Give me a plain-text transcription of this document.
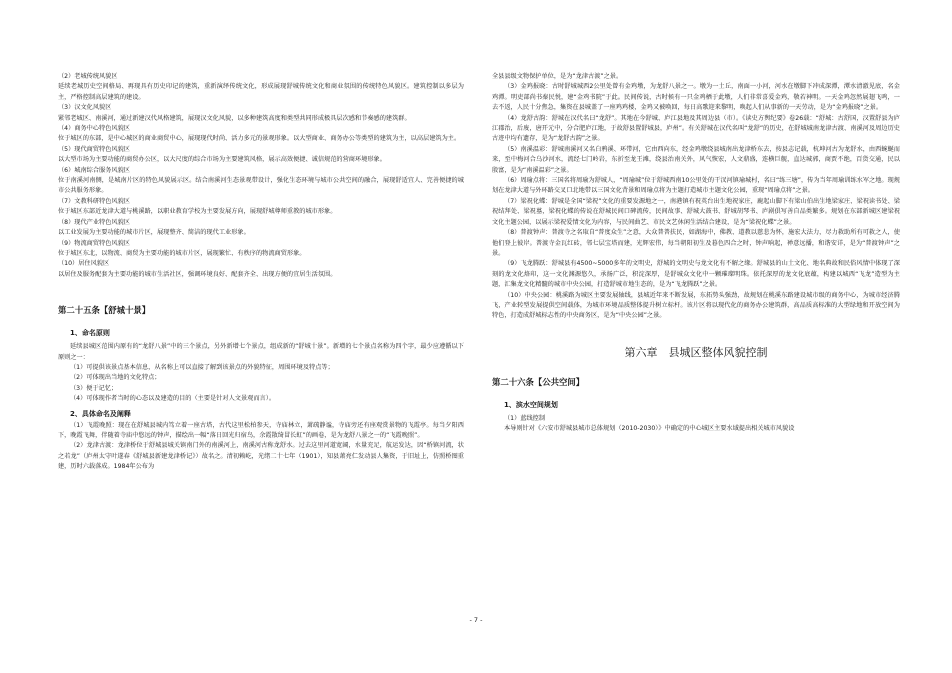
（2）老城传统风貌区

延续老城历史空间格局、再现具有历史印记的建筑，重新演绎传统文化，形成展现舒城传统文化和商业氛围的传统特色风貌区。建筑控制以多层为主，严格控制高层建筑的建设。

（3）汉文化风貌区

紧邻老城区、南溪河，通过新建汉代风格建筑，展现汉文化风貌，以多种建筑高度和类型共同形成极具层次感和节奏感的建筑群。

（4）商务中心特色风貌区

位于城区的东部，是中心城区的商业商贸中心，展现现代时尚、活力多元的景观形象。以大型商业、商务办公等类型的建筑为主，以高层建筑为主。

（5）现代商贸特色风貌区

以大型市场为主要功能的商贸办公区，以大尺度的综合市场为主要建筑风格，展示高效便捷、诚信规范的营商环境形象。

（6）城南综合服务风貌区

位于南溪河南侧，是城南片区的特色风貌展示区。结合南溪河生态景观带设计，强化生态环境与城市公共空间的融合，展现舒适宜人、完善便捷的城市公共服务形象。

（7）文教科研特色风貌区

位于城区东部近龙津大道与桃溪路，以职业教育学校为主要发展方向，展现舒城尊师重教的城市形象。

（8）现代产业特色风貌区

以工业发展为主要功能的城市片区，展现整齐、简洁的现代工业形象。

（9）物流商贸特色风貌区

位于城区东北，以物流、商贸为主要功能的城市片区，展现繁忙、有秩序的物流商贸形象。

（10）居住风貌区

以居住及服务配套为主要功能的城市生活社区，强调环境良好、配套齐全、出现方便的宜居生活氛围。

第二十五条【舒城十景】

1、命名原则

延续县城区范围内原有的“龙舒八景”中的三个景点，另外新增七个景点，组成新的“舒城十景”。新增的七个景点名称为四个字，最少应遵循以下原则之一：

（1）可提供该景点基本信息，从名称上可以直接了解到该景点的外貌特征，周围环境及特点等；

（2）可体现出当地的文化特点；

（3）便于记忆；

（4）可体现作者当时的心态以及建造的目的（主要是针对人文景观而言）。

2、具体命名及阐释

（1）飞霞晚照：现在在舒城县城内笃立着一座古塔，古代这里松柏参天，寺庙林立，萧疏静谧，寺庙旁还有座观赏景物的飞霞亭。每当夕阳西下，晚霞飞舞，伴随着寺庙中悠远的钟声，描绘出一幅“落日回光归宿鸟，余霞散绮冒长虹”的画卷，是为龙舒八景之一的“飞霞晚照”。

（2）龙津古渡：龙津桥位于舒城县城关镇南门外的南溪河上，南溪河古称龙舒水。过去这里河道宽阔，水量充足，航运发达，因“桥镇河流，状之若龙”（庐州太守叶遂春《舒城县新建龙津桥记》）故名之。清初赖屹，光绪二十七年（1901），知县萧亮仁发动县人集资，于旧址上，仿照桥图重建，历时六载落成。1984年公布为

全县县级文物保护单位，是为“龙津古渡”之景。

（3）金鸡报晓：古时舒城城西2公里处曾有金鸡墩，为龙舒八景之一。墩为一土丘，南面一小河，河水在墩脚下冲成深潭，潭水清澈见底，名金鸡潭。明吏部尚书秦民悦，建“金鸡书院”于此。民间传说，古时候有一只金鸡栖于此墩，人们非常喜爱金鸡，敬若神明。一天金鸡忽然展翅飞鸣，一去不返，人民十分焦急，集资在县城盖了一座鸡鸡楼，金鸡又被唤回，每日高歌迎来黎明，唤起人们从事新的一天劳动，是为“金鸡报晓”之景。

（4）龙舒古韵：舒城在汉代名曰“龙舒”。其地在今舒城、庐江县地及其周边县（市）。《读史方舆纪要》卷26载：“舒城：古舒国，汉置舒县为庐江郡治，后废，唐开元中，分合肥庐江地，于故舒县置舒城县，庐州”。有关舒城在汉代名叫“龙舒”的历史，在舒城城南龙津古渡、南溪河及周边历史古迹中均有遗存，是为“龙舒古韵”之景。

（5）南溪温彩：舒城南溪河又名白鸦溪、环带河，它由西向东，经金鸡墩绕县城南出龙津桥东去，按县志记载，杭坤河古为龙舒水，由西蜿蜒而来，至中梅河合乌沙河水，流经七门岭岩，东折至龙王滩，绕县治南关外，风气恢宏，人文鼎盛，连横巨舰，直达城郭，商贾不绝，百货交通，民以殷富，是为“南溪温彩”之景。

（6）周瑜点将：三国名将周瑜为舒城人，“周瑜城”位于舒城西南10公里处的干汊河镇瑜城村，名曰“练三塘”，传为当年周瑜训练水军之地。现规划在龙津大道与外环路交叉口北地带以三国文化背景和周瑜点将为主题打造城市主题文化公园，重现“周瑜点将”之景。

（7）梁祝化蝶：舒城是全国“梁祝”文化的重要发源地之一，南港镇有祝英台出生地祝家庄，鹿起山脚下有梁山伯出生地梁家庄、梁祝读书处、梁祝结拜处、梁祝墓，梁祝化蝶的传说在舒城民间口碑流传，民间故事、舒城大鼓书、舒城胡琴书、庐剧俱写善自品类繁多。规划在东部新城区建梁祝文化主题公园，以展示梁祝爱情文化为内容，与民间曲艺、市民文艺休闲生活结合建设，是为“梁祝化蝶”之景。

（8）普渡钟声：普渡寺之名取自“普度众生”之意，大众普普扶民，如湖海中，佛教、道教以慈悲为怀，施宏大法力，尽力救助所有可救之人，使他们登上彼岸。普渡寺金瓦红砖，邻七层宝塔而建，光辉宏伟，每当朝阳初生及暮色四合之时，钟声响起，禅意远播，和谐安详，是为“普渡钟声”之景。

（9）飞龙腾跃：舒城县有4500~5000多年的文明史，舒城的文明史与龙文化有不解之缘。舒城县的山土文化、地名典故和民俗风情中体现了深刻的龙文化烙印，这一文化渊源悠久，承扬广泛，积淀深厚，是舒城众文化中一颗璀璨明珠。依托深厚的龙文化底蕴，构建以城西“飞龙”造型为主题，汇集龙文化精髓的城市中央公园，打造舒城市地生态的，是为“飞龙腾跃”之景。

（10）中央公园：桃溪路为城区主要发展轴线，县城近年来不断发展，东拓势头强劲，故规划在桃溪东路建设城市级的商务中心，为城市经济腾飞，产业转型发展提供空间载体，为城市环境品质整体提升树立标杆。该片区将以现代化的商务办公建筑群，高品质高标准的大型绿地和开放空间为特色，打造成舒城标志性的中央商务区，是为“中央公园”之景。

第六章　县城区整体风貌控制

第二十六条【公共空间】

1、滨水空间规划

（1）蓝线控制

本导则针对《六安市舒城县城市总体规划（2010-2030）》中确定的中心城区主要水域提出相关城市风貌设

- 7 -
